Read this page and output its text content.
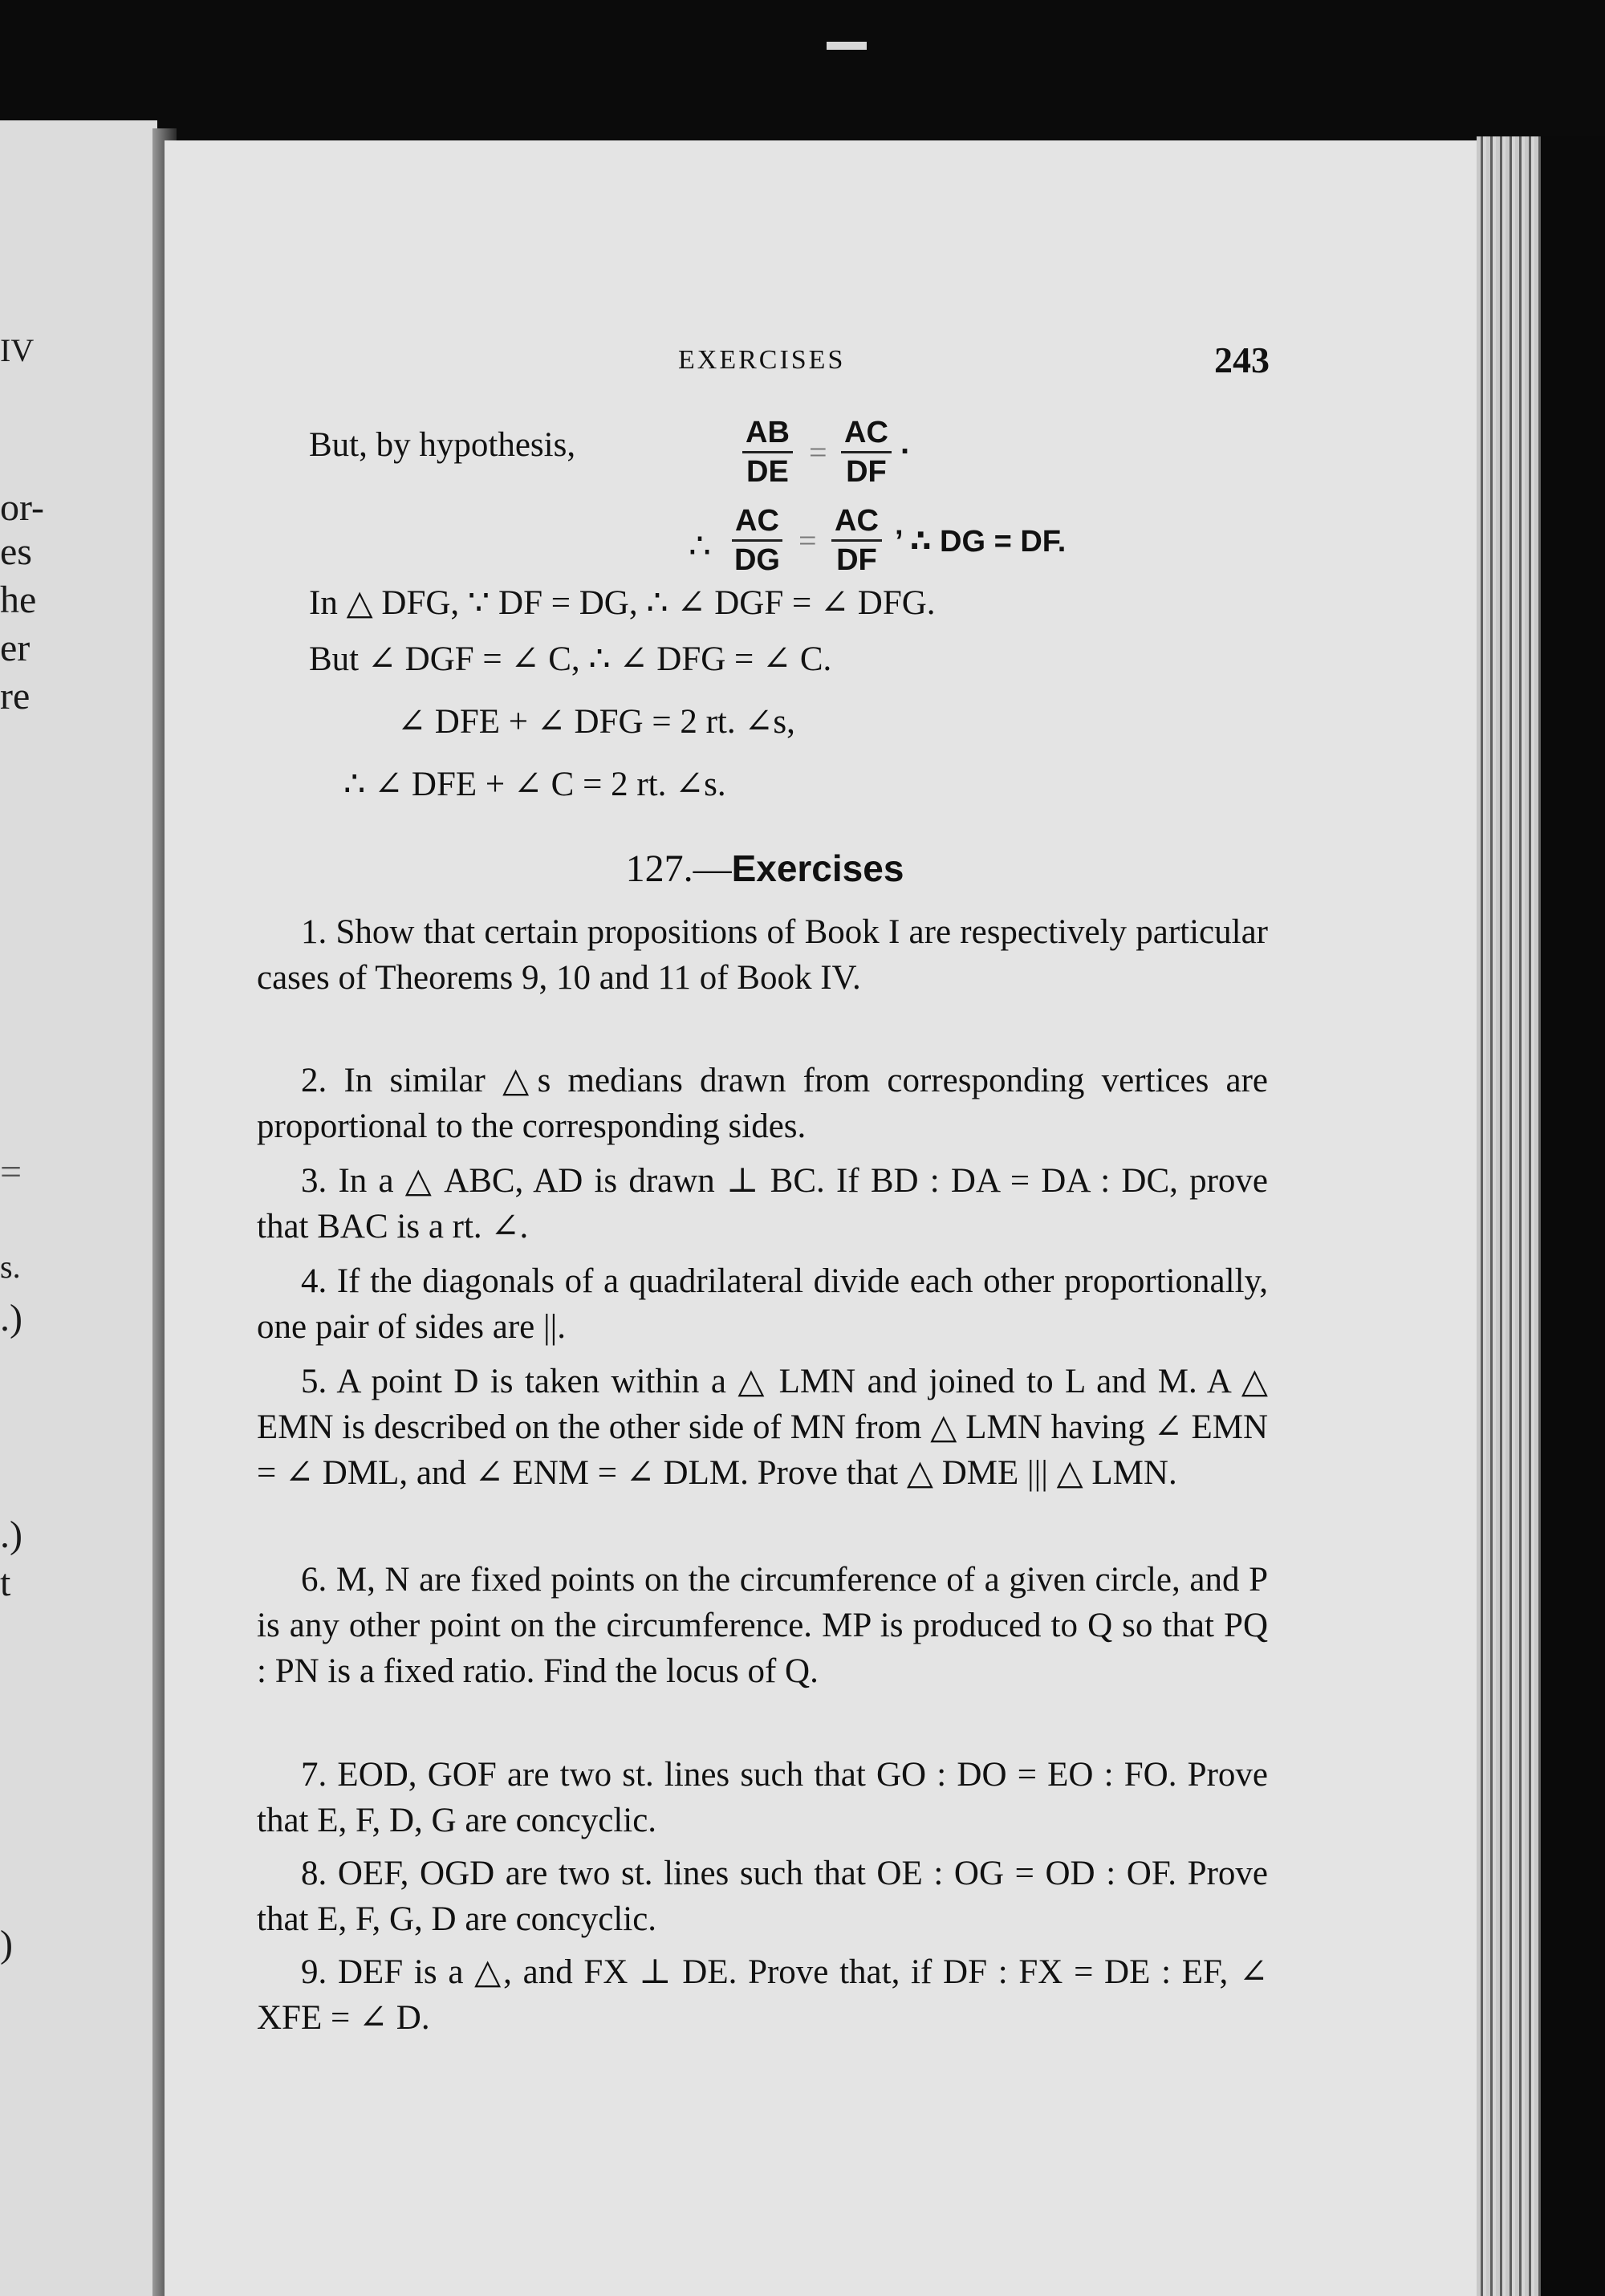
IV
or-
es
he
er
re
=
s.
.)
.)
t
)
EXERCISES	243
But, by hypothesis,	$\frac{AB}{DE} = \frac{AC}{DF}$ .
∴ $\frac{AC}{DG} = \frac{AC}{DF}$ ’ ∴ DG = DF.
In △ DFG, ∵ DF = DG, ∴ ∠ DGF = ∠ DFG.
But ∠ DGF = ∠ C, ∴ ∠ DFG = ∠ C.
∠ DFE + ∠ DFG = 2 rt. ∠s,
∴ ∠ DFE + ∠ C = 2 rt. ∠s.
127.—Exercises
1. Show that certain propositions of Book I are respectively particular cases of Theorems 9, 10 and 11 of Book IV.
2. In similar △s medians drawn from corresponding vertices are proportional to the corresponding sides.
3. In a △ ABC, AD is drawn ⊥ BC. If BD : DA = DA : DC, prove that BAC is a rt. ∠.
4. If the diagonals of a quadrilateral divide each other proportionally, one pair of sides are ||.
5. A point D is taken within a △ LMN and joined to L and M. A △ EMN is described on the other side of MN from △ LMN having ∠ EMN = ∠ DML, and ∠ ENM = ∠ DLM. Prove that △ DME ||| △ LMN.
6. M, N are fixed points on the circumference of a given circle, and P is any other point on the circumference. MP is produced to Q so that PQ : PN is a fixed ratio. Find the locus of Q.
7. EOD, GOF are two st. lines such that GO : DO = EO : FO. Prove that E, F, D, G are concyclic.
8. OEF, OGD are two st. lines such that OE : OG = OD : OF. Prove that E, F, G, D are concyclic.
9. DEF is a △, and FX ⊥ DE. Prove that, if DF : FX = DE : EF, ∠ XFE = ∠ D.
